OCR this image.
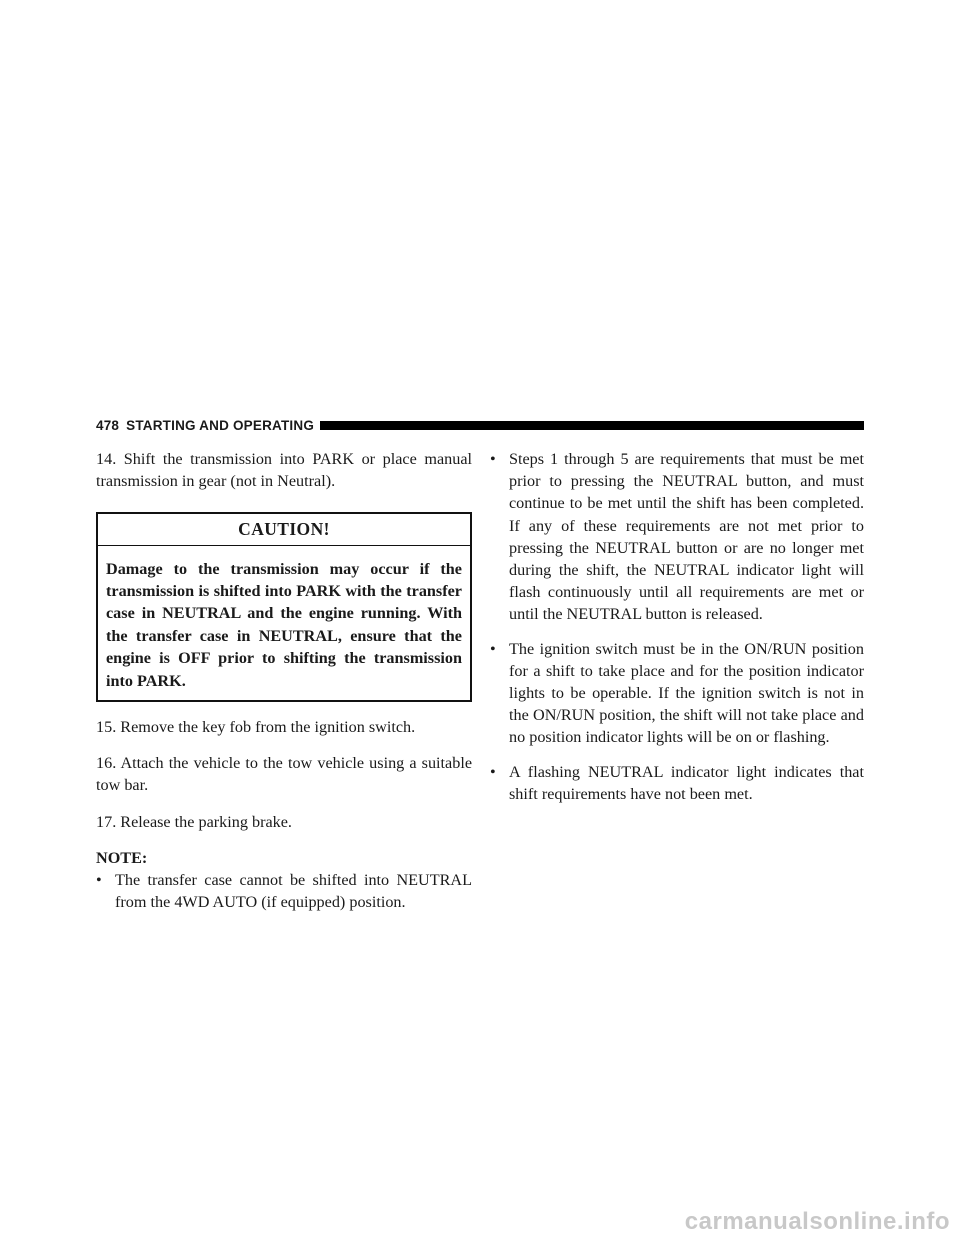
478 STARTING AND OPERATING

14. Shift the transmission into PARK or place manual transmission in gear (not in Neutral).

CAUTION!
Damage to the transmission may occur if the transmission is shifted into PARK with the transfer case in NEUTRAL and the engine running. With the transfer case in NEUTRAL, ensure that the engine is OFF prior to shifting the transmission into PARK.

15. Remove the key fob from the ignition switch.

16. Attach the vehicle to the tow vehicle using a suitable tow bar.

17. Release the parking brake.

NOTE:

• The transfer case cannot be shifted into NEUTRAL from the 4WD AUTO (if equipped) position.
• Steps 1 through 5 are requirements that must be met prior to pressing the NEUTRAL button, and must continue to be met until the shift has been completed. If any of these requirements are not met prior to pressing the NEUTRAL button or are no longer met during the shift, the NEUTRAL indicator light will flash continuously until all requirements are met or until the NEUTRAL button is released.
• The ignition switch must be in the ON/RUN position for a shift to take place and for the position indicator lights to be operable. If the ignition switch is not in the ON/RUN position, the shift will not take place and no position indicator lights will be on or flashing.
• A flashing NEUTRAL indicator light indicates that shift requirements have not been met.
carmanualsonline.info
